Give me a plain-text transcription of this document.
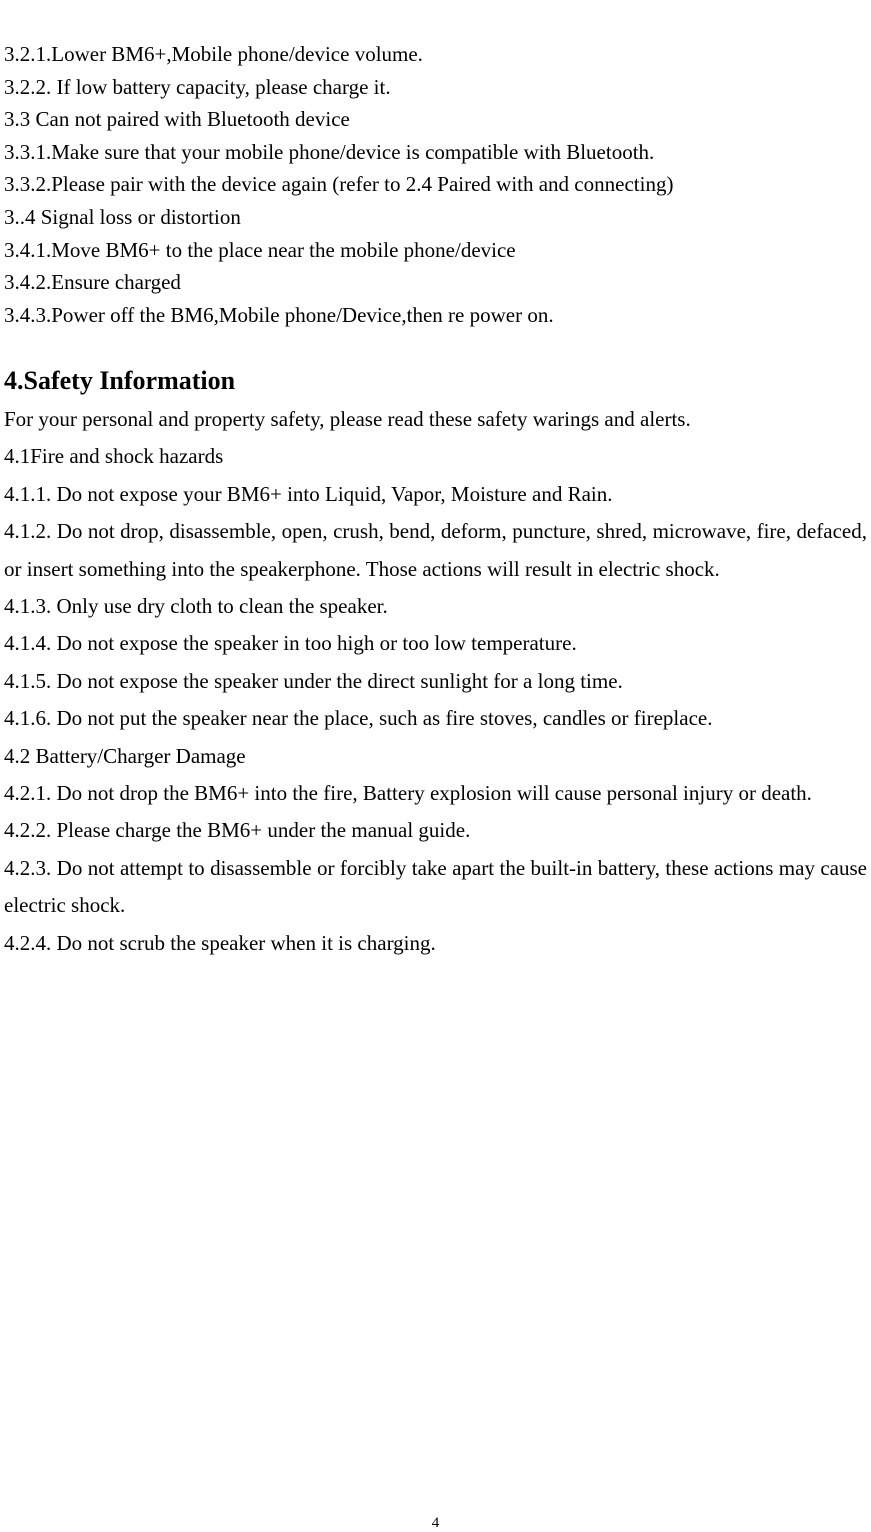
3.2.1.Lower BM6+,Mobile phone/device volume.
3.2.2. If low battery capacity, please charge it.
3.3 Can not paired with Bluetooth device
3.3.1.Make sure that your mobile phone/device is compatible with Bluetooth.
3.3.2.Please pair with the device again (refer to 2.4 Paired with and connecting)
3..4 Signal loss or distortion
3.4.1.Move BM6+ to the place near the mobile phone/device
3.4.2.Ensure charged
3.4.3.Power off the BM6,Mobile phone/Device,then re power on.
4.Safety Information
For your personal and property safety, please read these safety warings and alerts.
4.1Fire and shock hazards
4.1.1. Do not expose your BM6+ into Liquid, Vapor, Moisture and Rain.
4.1.2. Do not drop, disassemble, open, crush, bend, deform, puncture, shred, microwave, fire, defaced, or insert something into the speakerphone. Those actions will result in electric shock.
4.1.3. Only use dry cloth to clean the speaker.
4.1.4. Do not expose the speaker in too high or too low temperature.
4.1.5. Do not expose the speaker under the direct sunlight for a long time.
4.1.6. Do not put the speaker near the place, such as fire stoves, candles or fireplace.
4.2 Battery/Charger Damage
4.2.1. Do not drop the BM6+ into the fire, Battery explosion will cause personal injury or death.
4.2.2. Please charge the BM6+ under the manual guide.
4.2.3. Do not attempt to disassemble or forcibly take apart the built-in battery, these actions may cause electric shock.
4.2.4. Do not scrub the speaker when it is charging.
4
